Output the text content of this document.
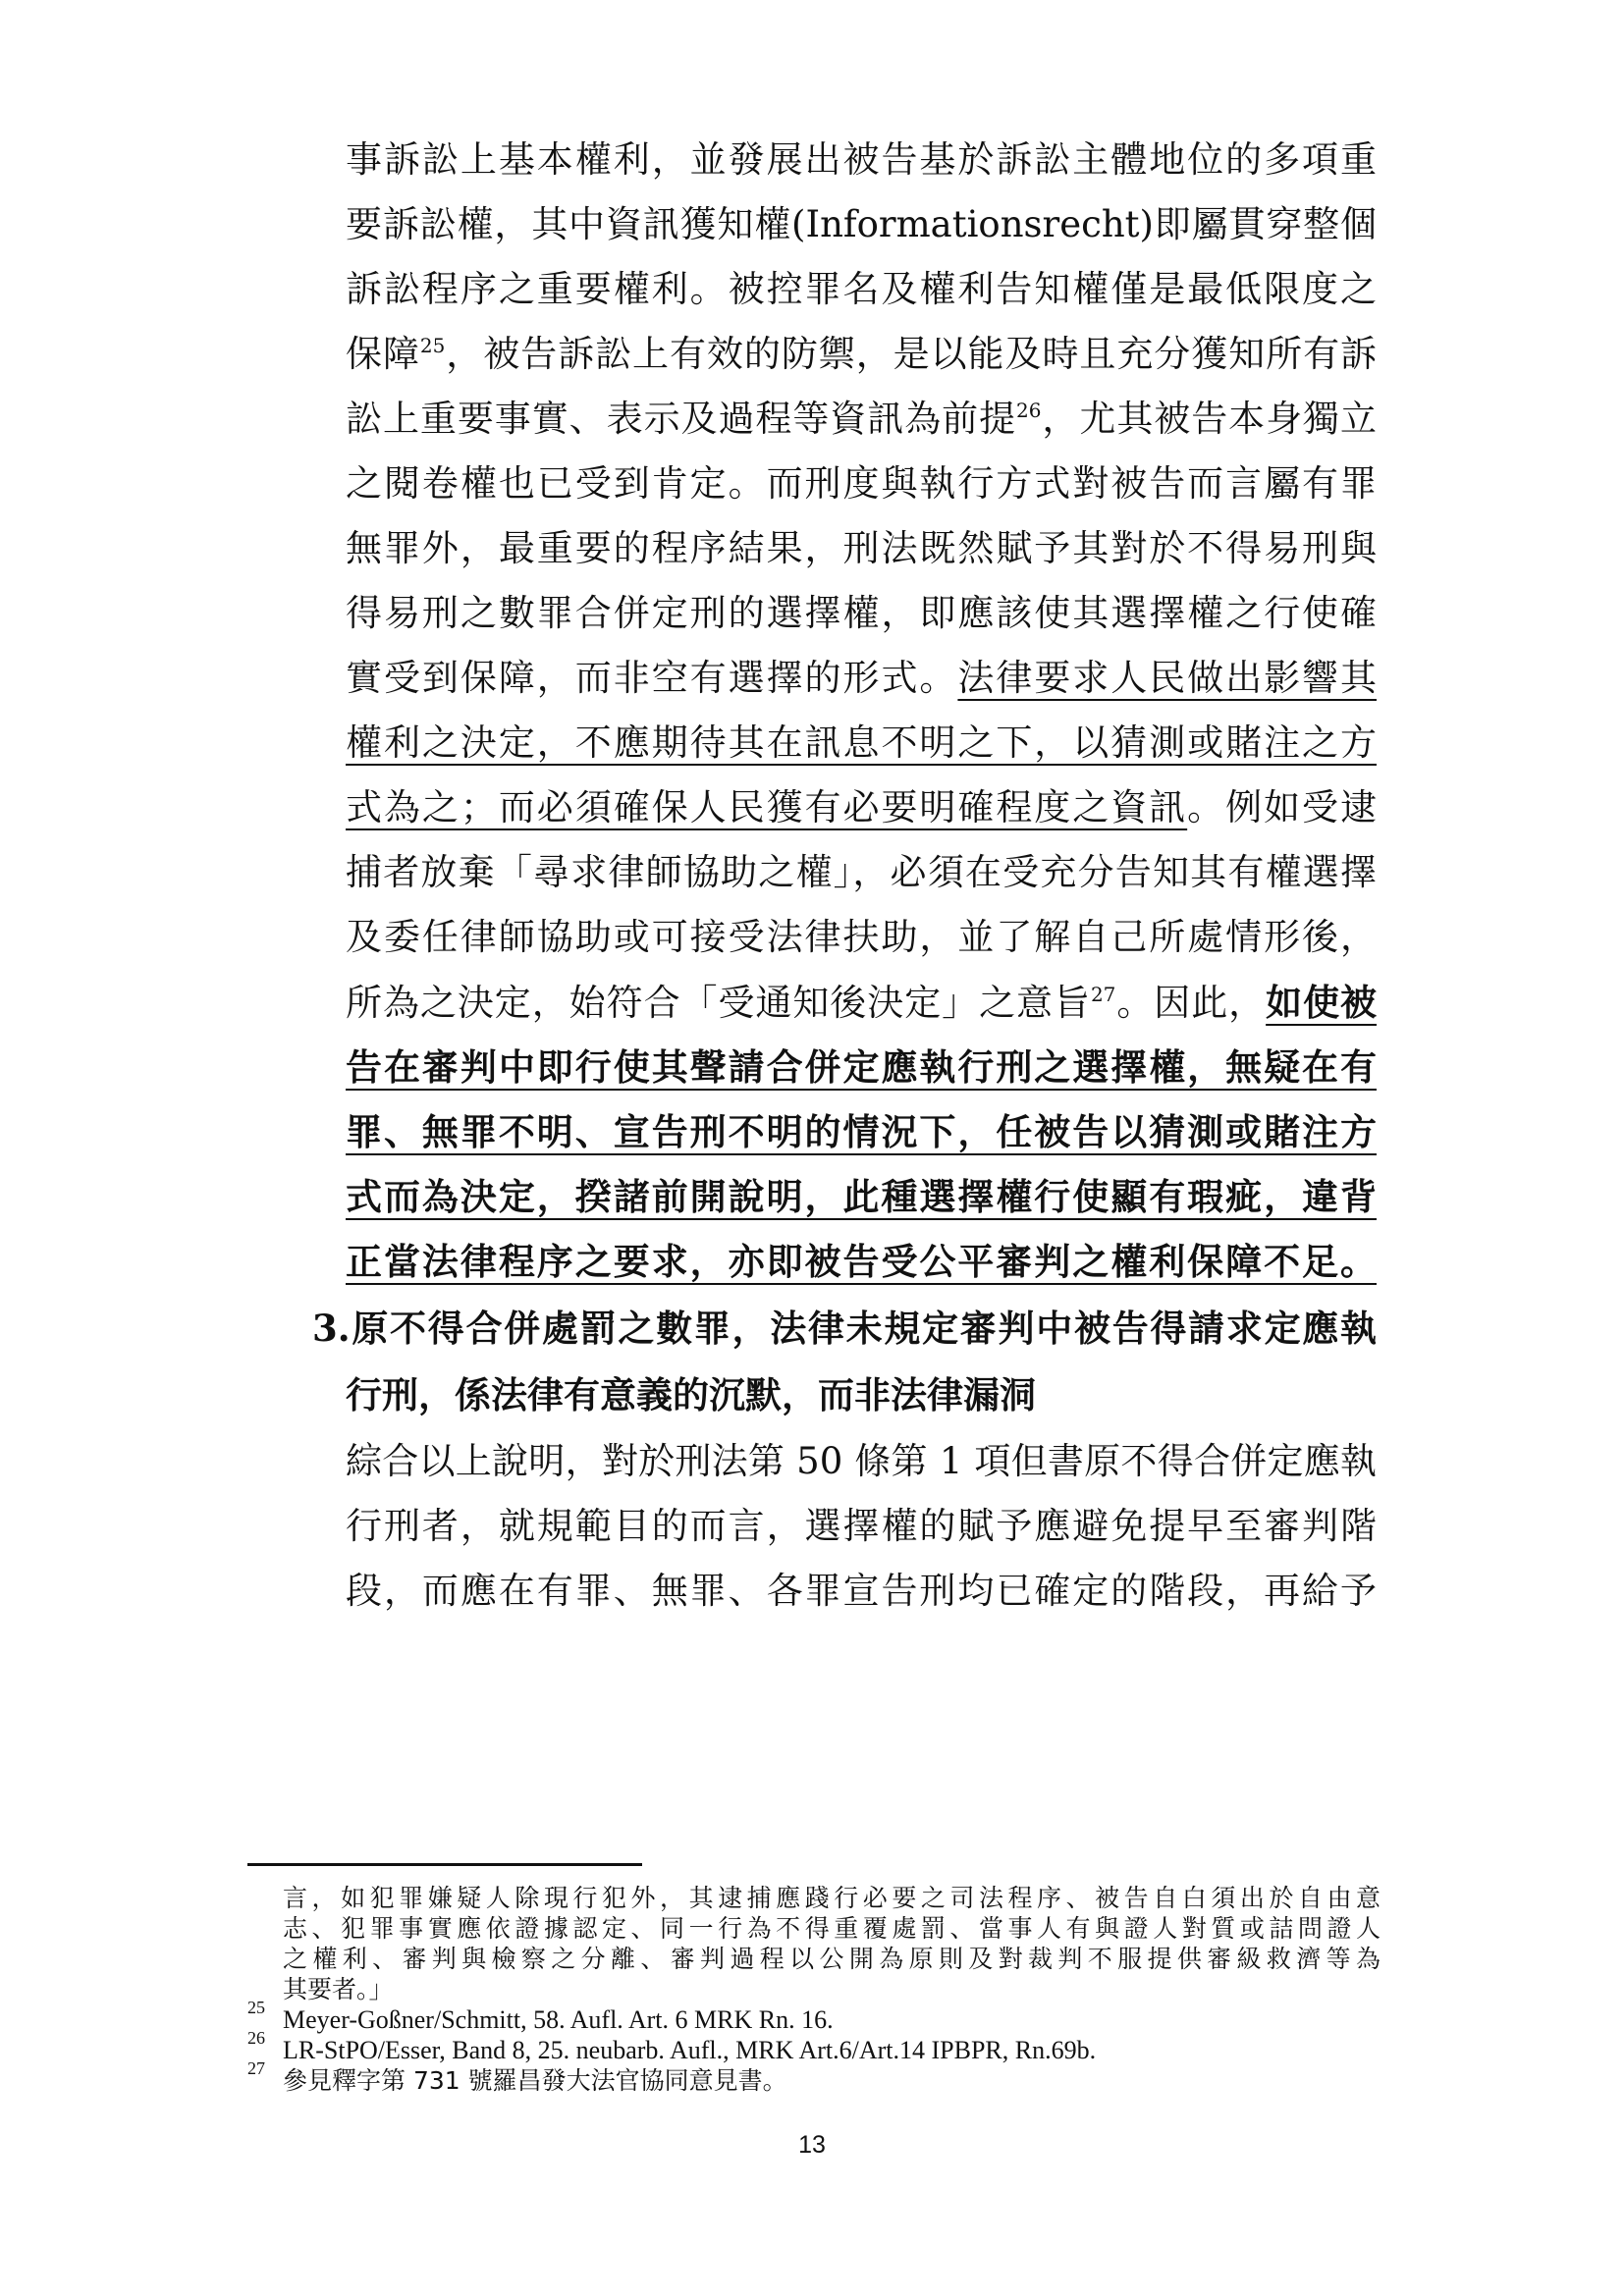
事訴訟上基本權利，並發展出被告基於訴訟主體地位的多項重
要訴訟權，其中資訊獲知權(Informationsrecht)即屬貫穿整個
訴訟程序之重要權利。被控罪名及權利告知權僅是最低限度之
保障$^{25}$，被告訴訟上有效的防禦，是以能及時且充分獲知所有訴
訟上重要事實、表示及過程等資訊為前提$^{26}$，尤其被告本身獨立
之閱卷權也已受到肯定。而刑度與執行方式對被告而言屬有罪
無罪外，最重要的程序結果，刑法既然賦予其對於不得易刑與
得易刑之數罪合併定刑的選擇權，即應該使其選擇權之行使確
實受到保障，而非空有選擇的形式。法律要求人民做出影響其
權利之決定，不應期待其在訊息不明之下，以猜測或賭注之方
式為之；而必須確保人民獲有必要明確程度之資訊。例如受逮
捕者放棄「尋求律師協助之權」，必須在受充分告知其有權選擇
及委任律師協助或可接受法律扶助，並了解自己所處情形後，
所為之決定，始符合「受通知後決定」之意旨$^{27}$。因此，如使被
告在審判中即行使其聲請合併定應執行刑之選擇權，無疑在有
罪、無罪不明、宣告刑不明的情況下，任被告以猜測或賭注方
式而為決定，揆諸前開說明，此種選擇權行使顯有瑕疵，違背
正當法律程序之要求，亦即被告受公平審判之權利保障不足。
3.原不得合併處罰之數罪，法律未規定審判中被告得請求定應執
行刑，係法律有意義的沉默，而非法律漏洞
綜合以上說明，對於刑法第 50 條第 1 項但書原不得合併定應執
行刑者，就規範目的而言，選擇權的賦予應避免提早至審判階
段，而應在有罪、無罪、各罪宣告刑均已確定的階段，再給予
言，如犯罪嫌疑人除現行犯外，其逮捕應踐行必要之司法程序、被告自白須出於自由意
志、犯罪事實應依證據認定、同一行為不得重覆處罰、當事人有與證人對質或詰問證人
之權利、審判與檢察之分離、審判過程以公開為原則及對裁判不服提供審級救濟等為
其要者。」
25 Meyer-Goßner/Schmitt, 58. Aufl. Art. 6 MRK Rn. 16.
26 LR-StPO/Esser, Band 8, 25. neubarb. Aufl., MRK Art.6/Art.14 IPBPR, Rn.69b.
27 參見釋字第 731 號羅昌發大法官協同意見書。
13
